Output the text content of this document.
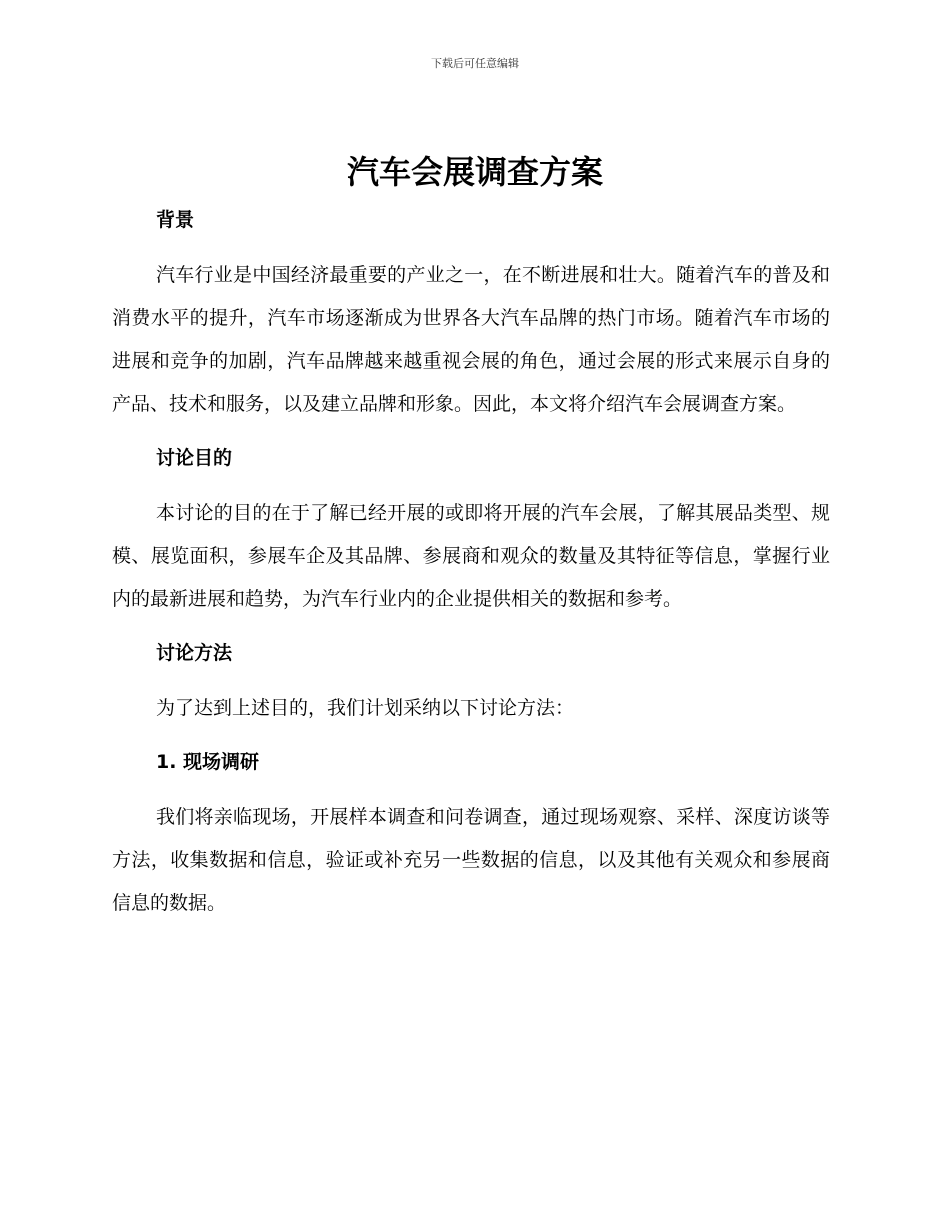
下载后可任意编辑
汽车会展调查方案
背景

汽车行业是中国经济最重要的产业之一，在不断进展和壮大。随着汽车的普及和消费水平的提升，汽车市场逐渐成为世界各大汽车品牌的热门市场。随着汽车市场的进展和竞争的加剧，汽车品牌越来越重视会展的角色，通过会展的形式来展示自身的产品、技术和服务，以及建立品牌和形象。因此，本文将介绍汽车会展调查方案。

讨论目的

本讨论的目的在于了解已经开展的或即将开展的汽车会展，了解其展品类型、规模、展览面积，参展车企及其品牌、参展商和观众的数量及其特征等信息，掌握行业内的最新进展和趋势，为汽车行业内的企业提供相关的数据和参考。

讨论方法

为了达到上述目的，我们计划采纳以下讨论方法：

1. 现场调研

我们将亲临现场，开展样本调查和问卷调查，通过现场观察、采样、深度访谈等方法，收集数据和信息，验证或补充另一些数据的信息，以及其他有关观众和参展商信息的数据。
